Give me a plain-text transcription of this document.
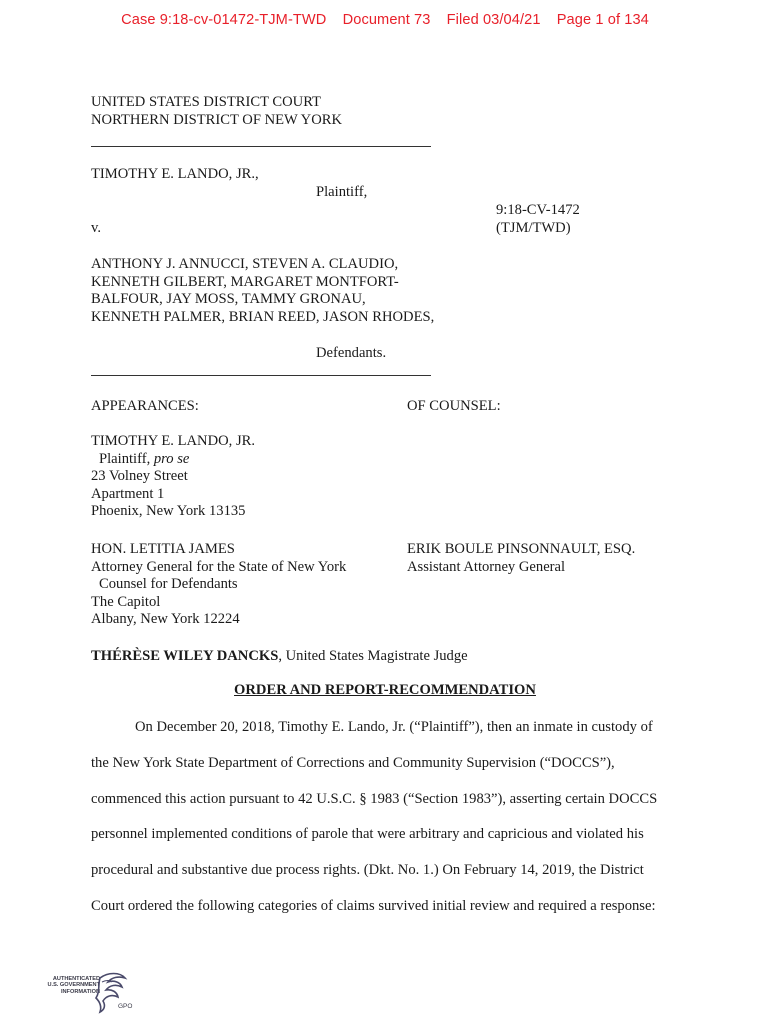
Case 9:18-cv-01472-TJM-TWD Document 73 Filed 03/04/21 Page 1 of 134
UNITED STATES DISTRICT COURT
NORTHERN DISTRICT OF NEW YORK
TIMOTHY E. LANDO, JR.,
Plaintiff,
9:18-CV-1472
v.	(TJM/TWD)
ANTHONY J. ANNUCCI, STEVEN A. CLAUDIO,
KENNETH GILBERT, MARGARET MONTFORT-
BALFOUR, JAY MOSS, TAMMY GRONAU,
KENNETH PALMER, BRIAN REED, JASON RHODES,
Defendants.
APPEARANCES:	OF COUNSEL:
TIMOTHY E. LANDO, JR.
Plaintiff, pro se
23 Volney Street
Apartment 1
Phoenix, New York 13135
HON. LETITIA JAMES
Attorney General for the State of New York
Counsel for Defendants
The Capitol
Albany, New York 12224
ERIK BOULE PINSONNAULT, ESQ.
Assistant Attorney General
THÉRÈSE WILEY DANCKS, United States Magistrate Judge
ORDER AND REPORT-RECOMMENDATION
On December 20, 2018, Timothy E. Lando, Jr. (“Plaintiff”), then an inmate in custody of
the New York State Department of Corrections and Community Supervision (“DOCCS”),
commenced this action pursuant to 42 U.S.C. § 1983 (“Section 1983”), asserting certain DOCCS
personnel implemented conditions of parole that were arbitrary and capricious and violated his
procedural and substantive due process rights. (Dkt. No. 1.) On February 14, 2019, the District
Court ordered the following categories of claims survived initial review and required a response:
AUTHENTICATED
U.S. GOVERNMENT
INFORMATION
GPO
